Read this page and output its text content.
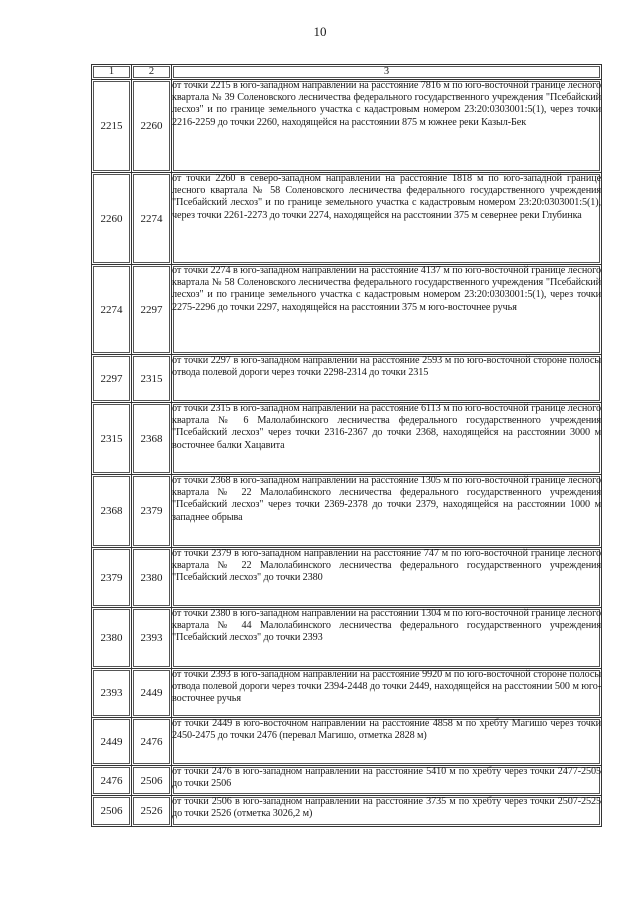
10
1	2	3
2215	2260	от точки 2215 в юго-западном направлении на расстояние 7816 м по юго-восточной границе лесного квартала № 39 Соленовского лесничества федерального государственного учреждения "Псебайский лесхоз" и по границе земельного участка с кадастровым номером 23:20:0303001:5(1), через точки 2216-2259 до точки 2260, находящейся на расстоянии 875 м южнее реки Казыл-Бек
2260	2274	от точки 2260 в северо-западном направлении на расстояние 1818 м по юго-западной границе лесного квартала № 58 Соленовского лесничества федерального государственного учреждения "Псебайский лесхоз" и по границе земельного участка с кадастровым номером 23:20:0303001:5(1), через точки 2261-2273 до точки 2274, находящейся на расстоянии 375 м севернее реки Глубинка
2274	2297	от точки 2274 в юго-западном направлении на расстояние 4137 м по юго-восточной границе лесного квартала № 58 Соленовского лесничества федерального государственного учреждения "Псебайский лесхоз" и по границе земельного участка с кадастровым номером 23:20:0303001:5(1), через точки 2275-2296 до точки 2297, находящейся на расстоянии 375 м юго-восточнее ручья
2297	2315	от точки 2297 в юго-западном направлении на расстояние 2593 м по юго-восточной стороне полосы отвода полевой дороги через точки 2298-2314 до точки 2315
2315	2368	от точки 2315 в юго-западном направлении на расстояние 6113 м по юго-восточной границе лесного квартала № 6 Малолабинского лесничества федерального государственного учреждения "Псебайский лесхоз" через точки 2316-2367 до точки 2368, находящейся на расстоянии 3000 м восточнее балки Хацавита
2368	2379	от точки 2368 в юго-западном направлении на расстояние 1305 м по юго-восточной границе лесного квартала № 22 Малолабинского лесничества федерального государственного учреждения "Псебайский лесхоз" через точки 2369-2378 до точки 2379, находящейся на расстоянии 1000 м западнее обрыва
2379	2380	от точки 2379 в юго-западном направлении на расстояние 747 м по юго-восточной границе лесного квартала № 22 Малолабинского лесничества федерального государственного учреждения "Псебайский лесхоз" до точки 2380
2380	2393	от точки 2380 в юго-западном направлении на расстоянии 1304 м по юго-восточной границе лесного квартала № 44 Малолабинского лесничества федерального государственного учреждения "Псебайский лесхоз" до точки 2393
2393	2449	от точки 2393 в юго-западном направлении на расстояние 9920 м по юго-восточной стороне полосы отвода полевой дороги через точки 2394-2448 до точки 2449, находящейся на расстоянии 500 м юго-восточнее ручья
2449	2476	от точки 2449 в юго-восточном направлении на расстояние 4858 м по хребту Магишо через точки 2450-2475 до точки 2476 (перевал Магишо, отметка 2828 м)
2476	2506	от точки 2476 в юго-западном направлении на расстояние 5410 м по хребту через точки 2477-2505 до точки 2506
2506	2526	от точки 2506 в юго-западном направлении на расстояние 3735 м по хребту через точки 2507-2525 до точки 2526 (отметка 3026,2 м)
